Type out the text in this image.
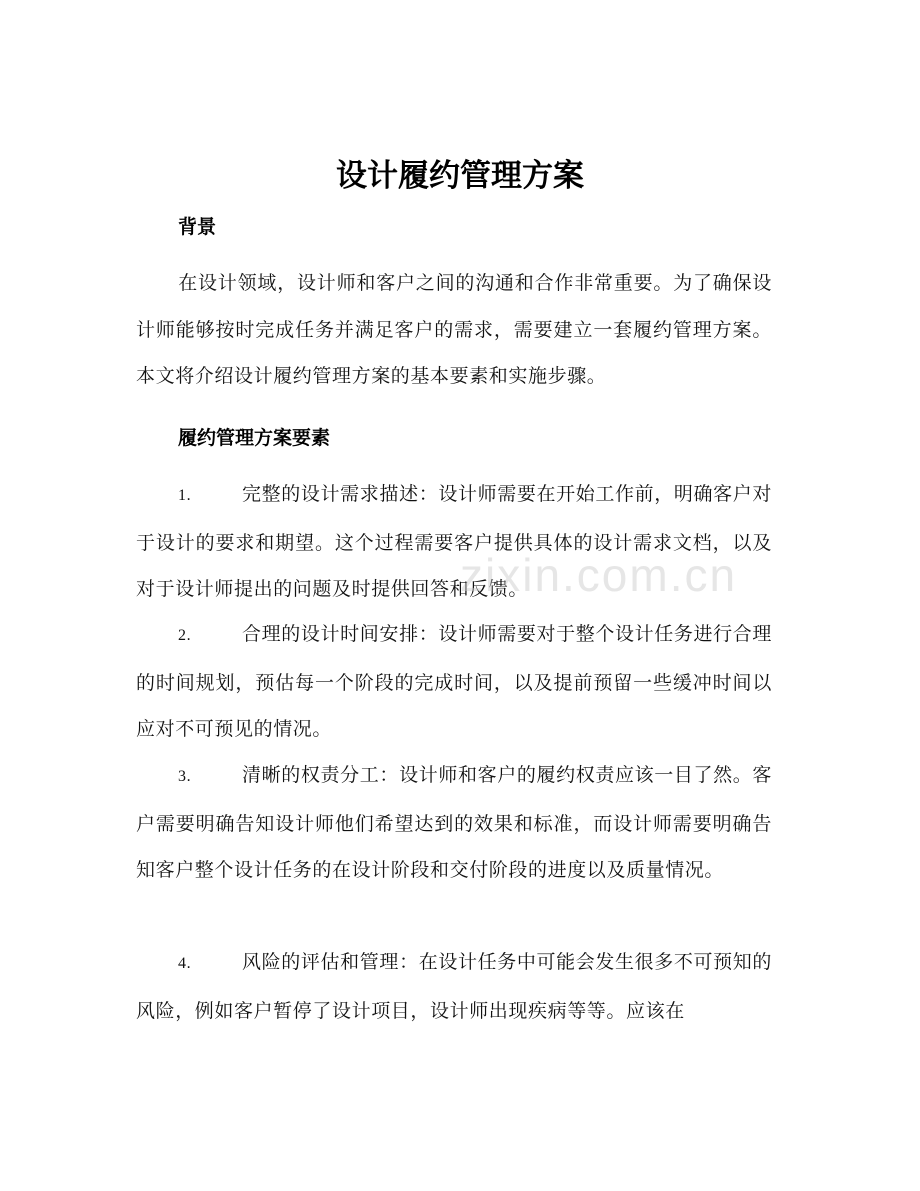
设计履约管理方案
背景

在设计领域，设计师和客户之间的沟通和合作非常重要。为了确保设计师能够按时完成任务并满足客户的需求，需要建立一套履约管理方案。本文将介绍设计履约管理方案的基本要素和实施步骤。

履约管理方案要素

1.	完整的设计需求描述：设计师需要在开始工作前，明确客户对于设计的要求和期望。这个过程需要客户提供具体的设计需求文档，以及对于设计师提出的问题及时提供回答和反馈。

2.	合理的设计时间安排：设计师需要对于整个设计任务进行合理的时间规划，预估每一个阶段的完成时间，以及提前预留一些缓冲时间以应对不可预见的情况。

3.	清晰的权责分工：设计师和客户的履约权责应该一目了然。客户需要明确告知设计师他们希望达到的效果和标准，而设计师需要明确告知客户整个设计任务的在设计阶段和交付阶段的进度以及质量情况。

4.	风险的评估和管理：在设计任务中可能会发生很多不可预知的风险，例如客户暂停了设计项目，设计师出现疾病等等。应该在

zixin.com.cn
